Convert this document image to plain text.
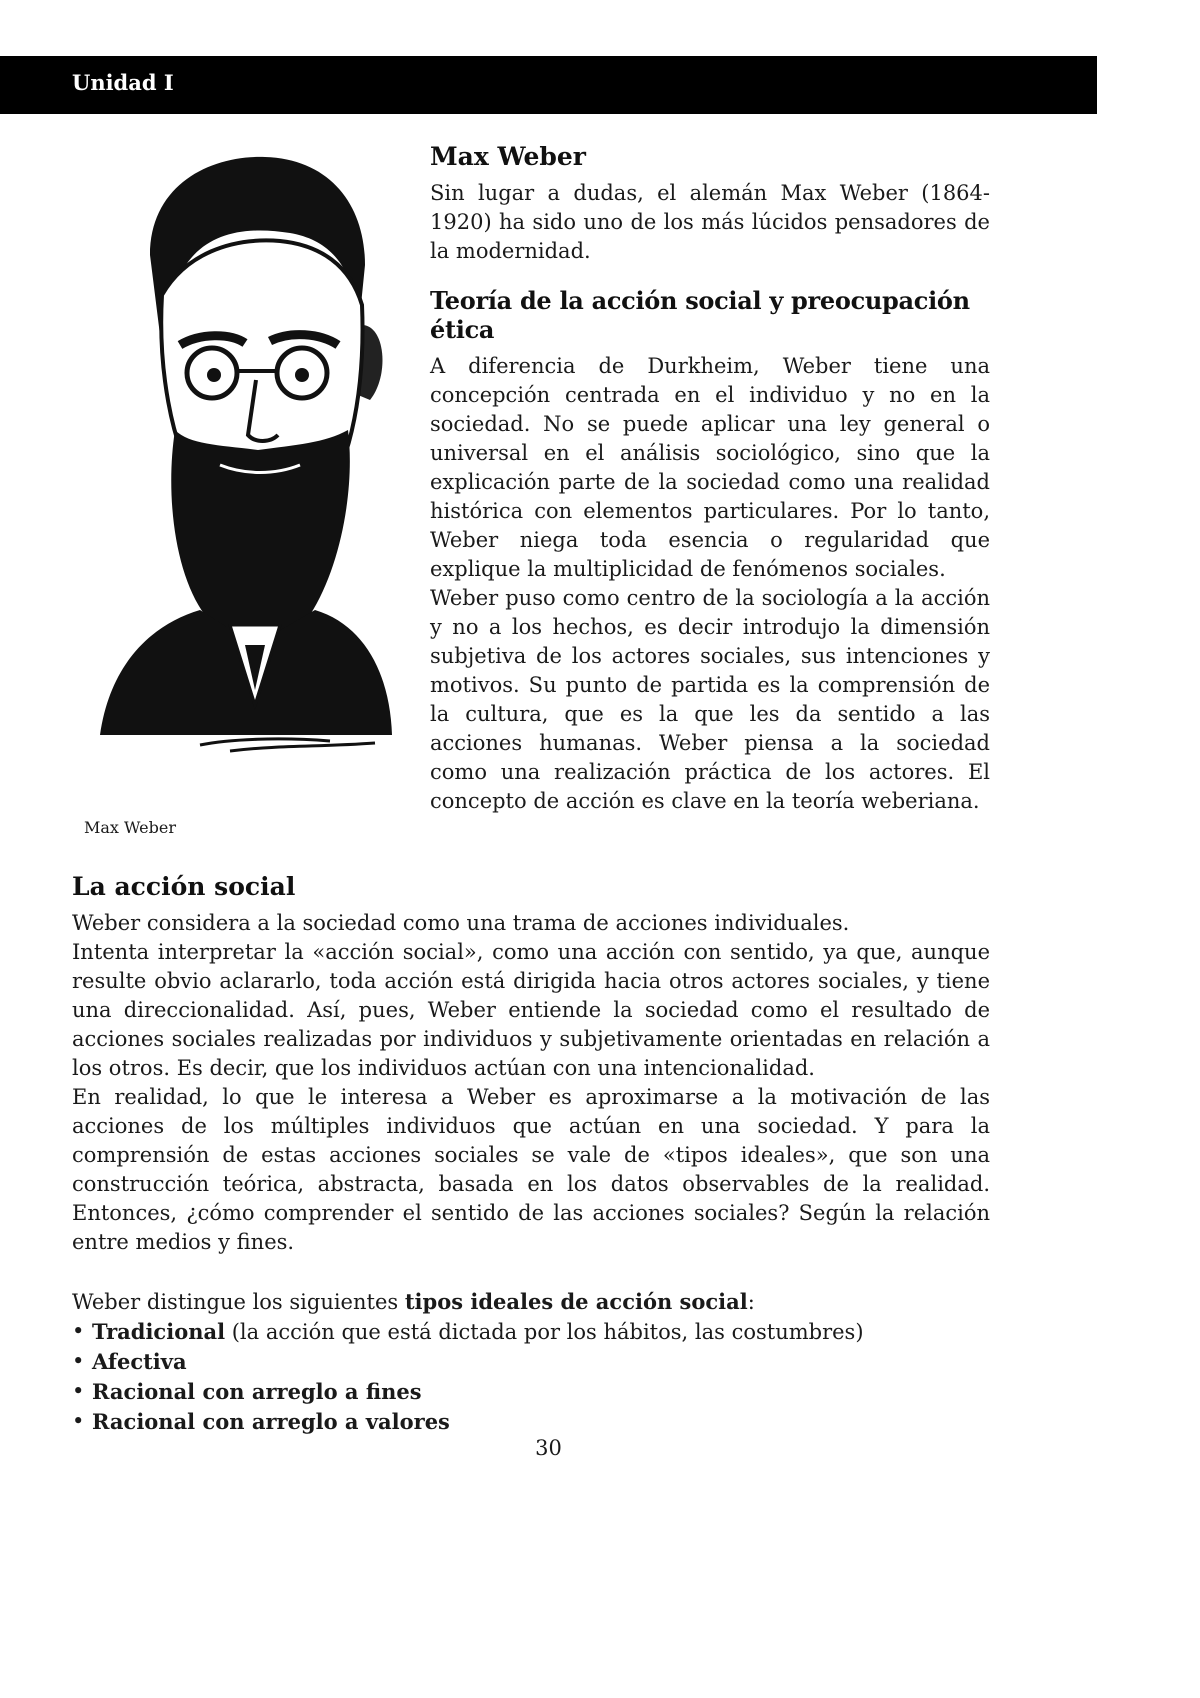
Unidad I
Max Weber
Max Weber

Sin lugar a dudas, el alemán Max Weber (1864-1920) ha sido uno de los más lúcidos pensadores de la modernidad.

Teoría de la acción social y preocupación ética

A diferencia de Durkheim, Weber tiene una concepción centrada en el individuo y no en la sociedad. No se puede aplicar una ley general o universal en el análisis sociológico, sino que la explicación parte de la sociedad como una realidad histórica con elementos particulares. Por lo tanto, Weber niega toda esencia o regularidad que explique la multiplicidad de fenómenos sociales.

Weber puso como centro de la sociología a la acción y no a los hechos, es decir introdujo la dimensión subjetiva de los actores sociales, sus intenciones y motivos. Su punto de partida es la comprensión de la cultura, que es la que les da sentido a las acciones humanas. Weber piensa a la sociedad como una realización práctica de los actores. El concepto de acción es clave en la teoría weberiana.

La acción social

Weber considera a la sociedad como una trama de acciones individuales.

Intenta interpretar la «acción social», como una acción con sentido, ya que, aunque resulte obvio aclararlo, toda acción está dirigida hacia otros actores sociales, y tiene una direccionalidad. Así, pues, Weber entiende la sociedad como el resultado de acciones sociales realizadas por individuos y subjetivamente orientadas en relación a los otros. Es decir, que los individuos actúan con una intencionalidad.

En realidad, lo que le interesa a Weber es aproximarse a la motivación de las acciones de los múltiples individuos que actúan en una sociedad. Y para la comprensión de estas acciones sociales se vale de «tipos ideales», que son una construcción teórica, abstracta, basada en los datos observables de la realidad. Entonces, ¿cómo comprender el sentido de las acciones sociales? Según la relación entre medios y fines.

Weber distingue los siguientes tipos ideales de acción social:

• Tradicional (la acción que está dictada por los hábitos, las costumbres)
• Afectiva
• Racional con arreglo a fines
• Racional con arreglo a valores
30
